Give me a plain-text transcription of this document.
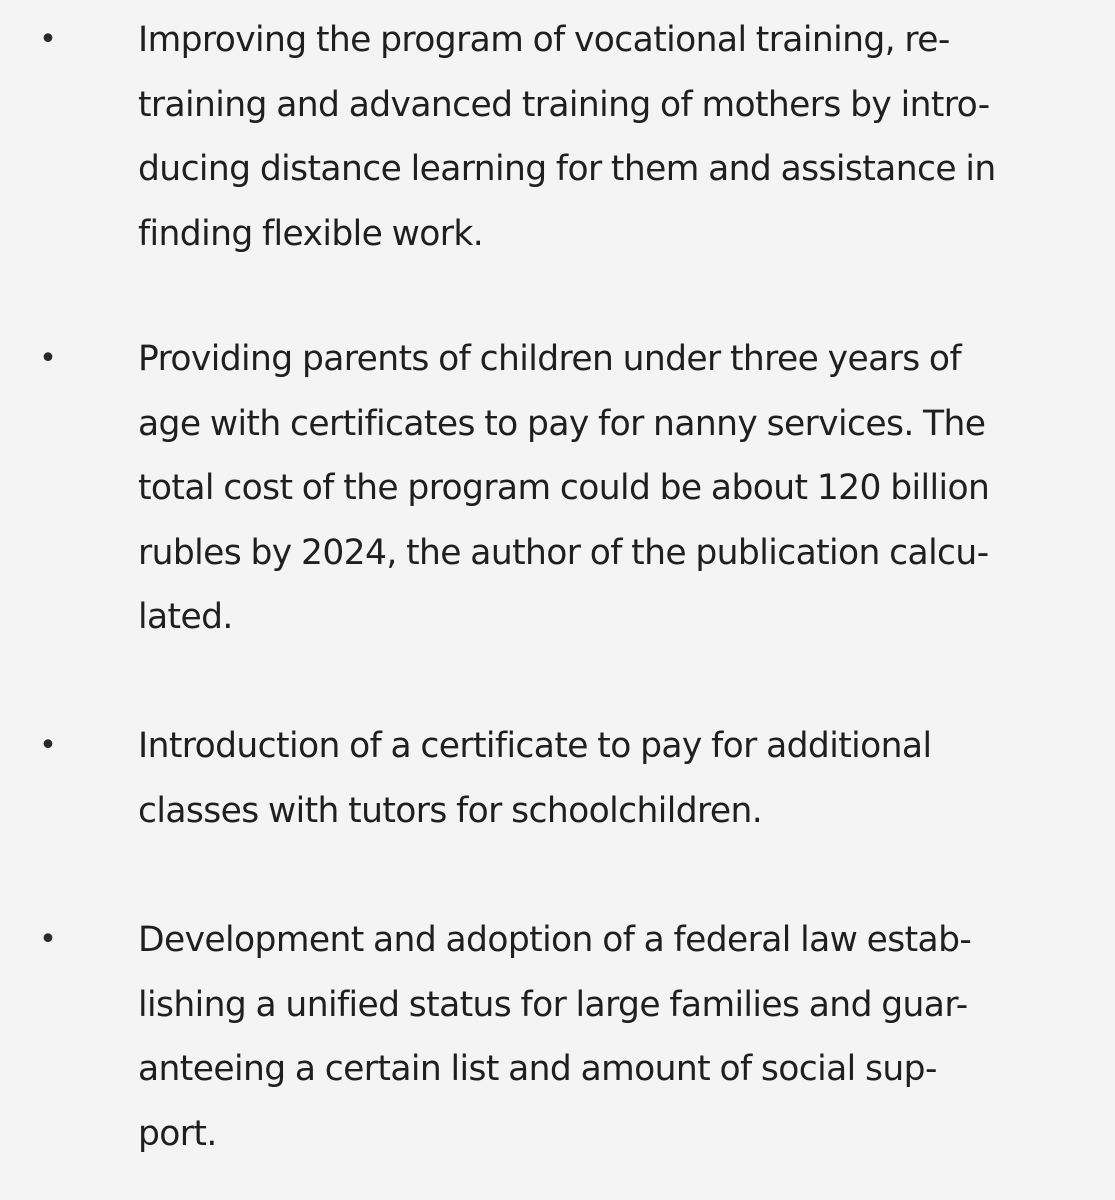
• Improving the program of vocational training, re-
training and advanced training of mothers by intro-
ducing distance learning for them and assistance in
finding flexible work.
• Providing parents of children under three years of
age with certificates to pay for nanny services. The
total cost of the program could be about 120 billion
rubles by 2024, the author of the publication calcu-
lated.
• Introduction of a certificate to pay for additional
classes with tutors for schoolchildren.
• Development and adoption of a federal law estab-
lishing a unified status for large families and guar-
anteeing a certain list and amount of social sup-
port.
